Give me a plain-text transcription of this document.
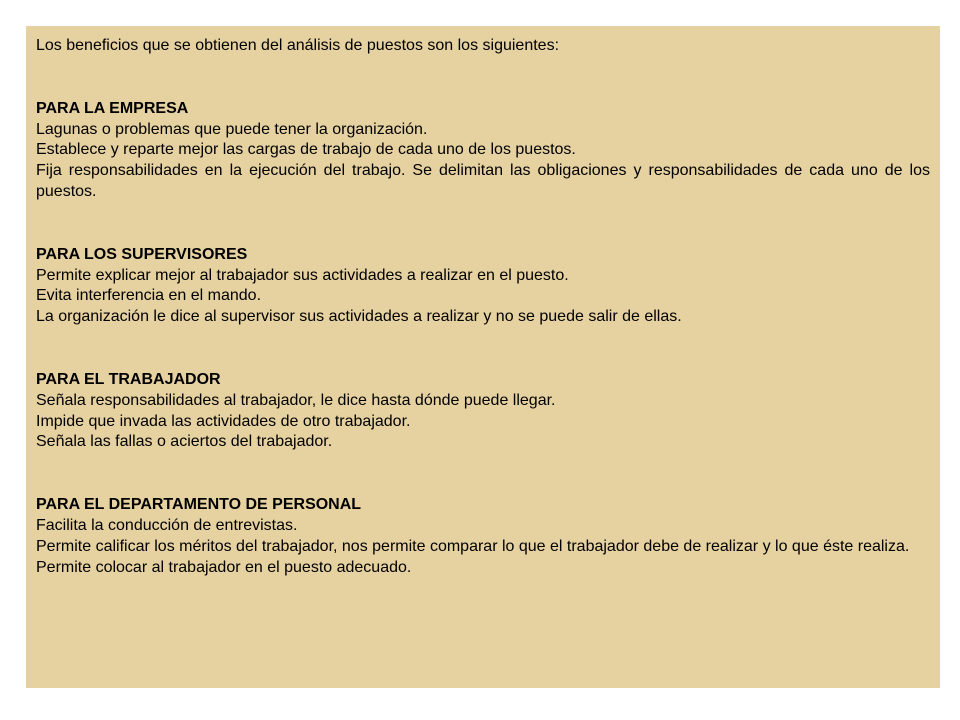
Los beneficios que se obtienen del análisis de puestos son los siguientes:

PARA LA EMPRESA

Lagunas o problemas que puede tener la organización.

Establece y reparte mejor las cargas de trabajo de cada uno de los puestos.

Fija responsabilidades en la ejecución del trabajo. Se delimitan las obligaciones y responsabilidades de cada uno de los puestos.

PARA LOS SUPERVISORES

Permite explicar mejor al trabajador sus actividades a realizar en el puesto.

Evita interferencia en el mando.

La organización le dice al supervisor sus actividades a realizar y no se puede salir de ellas.

PARA EL TRABAJADOR

Señala responsabilidades al trabajador, le dice hasta dónde puede llegar.

Impide que invada las actividades de otro trabajador.

Señala las fallas o aciertos del trabajador.

PARA EL DEPARTAMENTO DE PERSONAL

Facilita la conducción de entrevistas.

Permite calificar los méritos del trabajador, nos permite comparar lo que el trabajador debe de realizar y lo que éste realiza.

Permite colocar al trabajador en el puesto adecuado.
